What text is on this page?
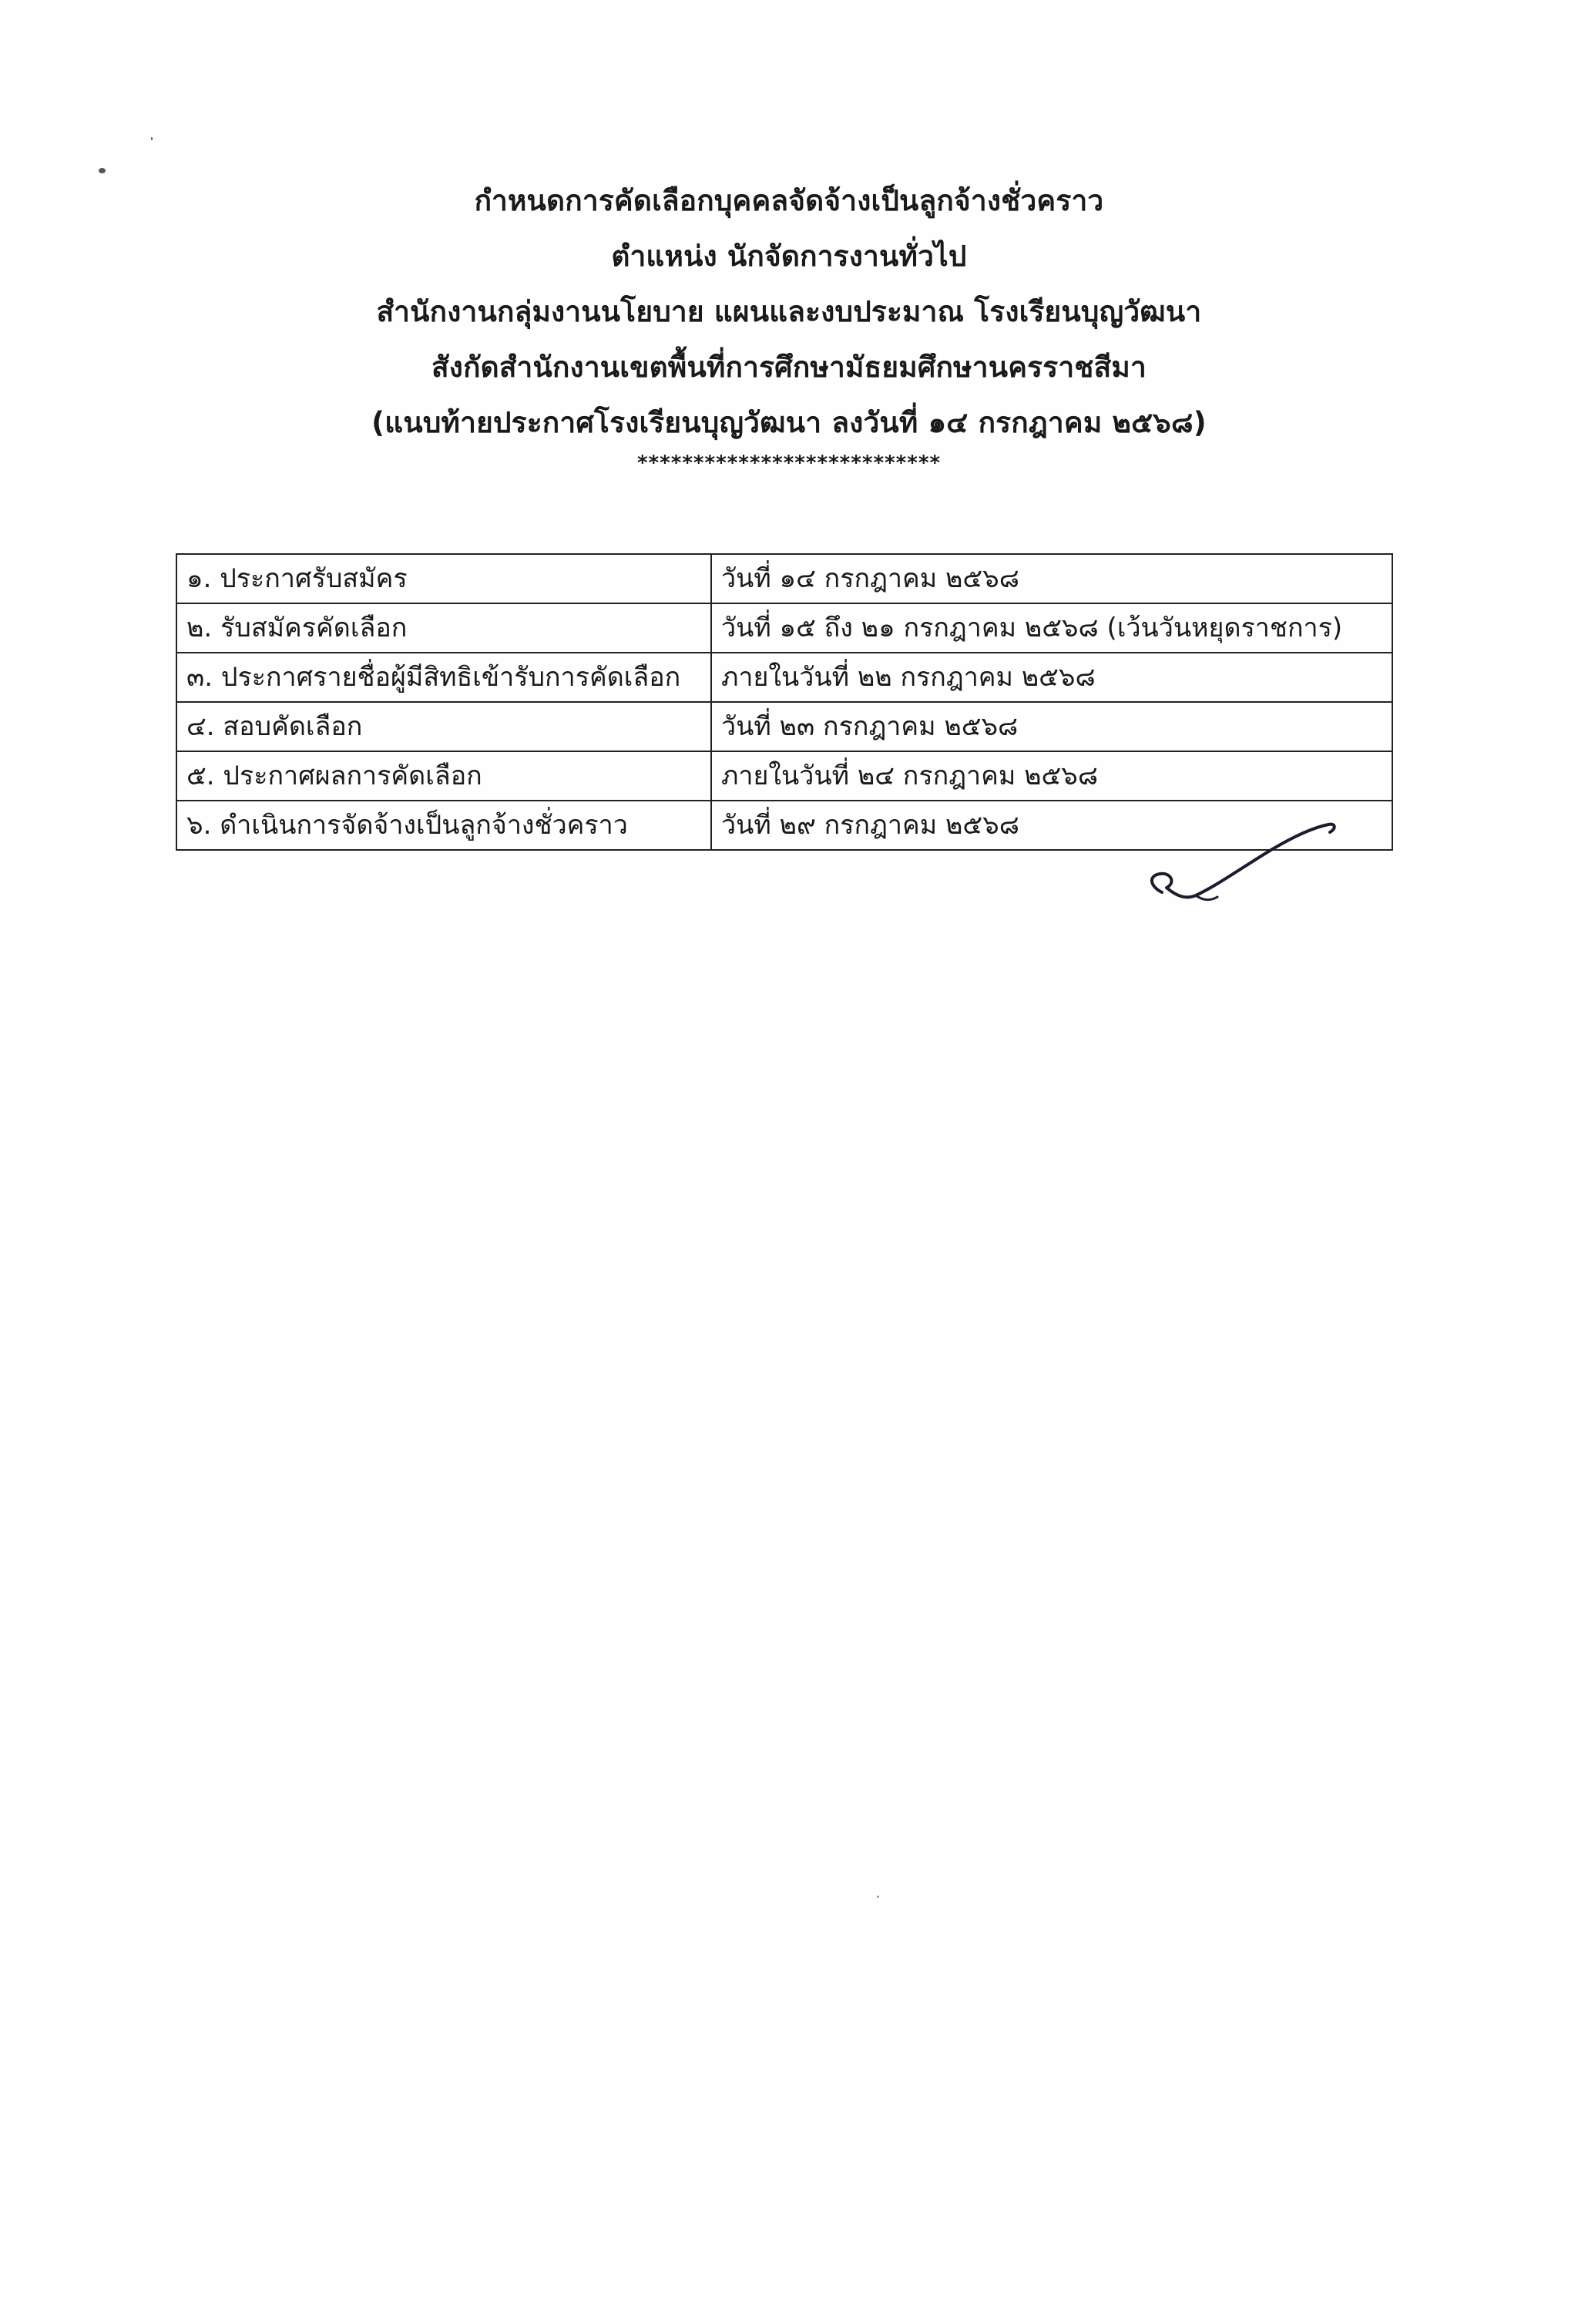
กำหนดการคัดเลือกบุคคลจัดจ้างเป็นลูกจ้างชั่วคราว
ตำแหน่ง นักจัดการงานทั่วไป
สำนักงานกลุ่มงานนโยบาย แผนและงบประมาณ โรงเรียนบุญวัฒนา
สังกัดสำนักงานเขตพื้นที่การศึกษามัธยมศึกษานครราชสีมา
(แนบท้ายประกาศโรงเรียนบุญวัฒนา ลงวันที่ ๑๔ กรกฎาคม ๒๕๖๘)
***************************
๑. ประกาศรับสมัคร	วันที่ ๑๔ กรกฎาคม ๒๕๖๘
๒. รับสมัครคัดเลือก	วันที่ ๑๕ ถึง ๒๑ กรกฎาคม ๒๕๖๘ (เว้นวันหยุดราชการ)
๓. ประกาศรายชื่อผู้มีสิทธิเข้ารับการคัดเลือก	ภายในวันที่ ๒๒ กรกฎาคม ๒๕๖๘
๔. สอบคัดเลือก	วันที่ ๒๓ กรกฎาคม ๒๕๖๘
๕. ประกาศผลการคัดเลือก	ภายในวันที่ ๒๔ กรกฎาคม ๒๕๖๘
๖. ดำเนินการจัดจ้างเป็นลูกจ้างชั่วคราว	วันที่ ๒๙ กรกฎาคม ๒๕๖๘
